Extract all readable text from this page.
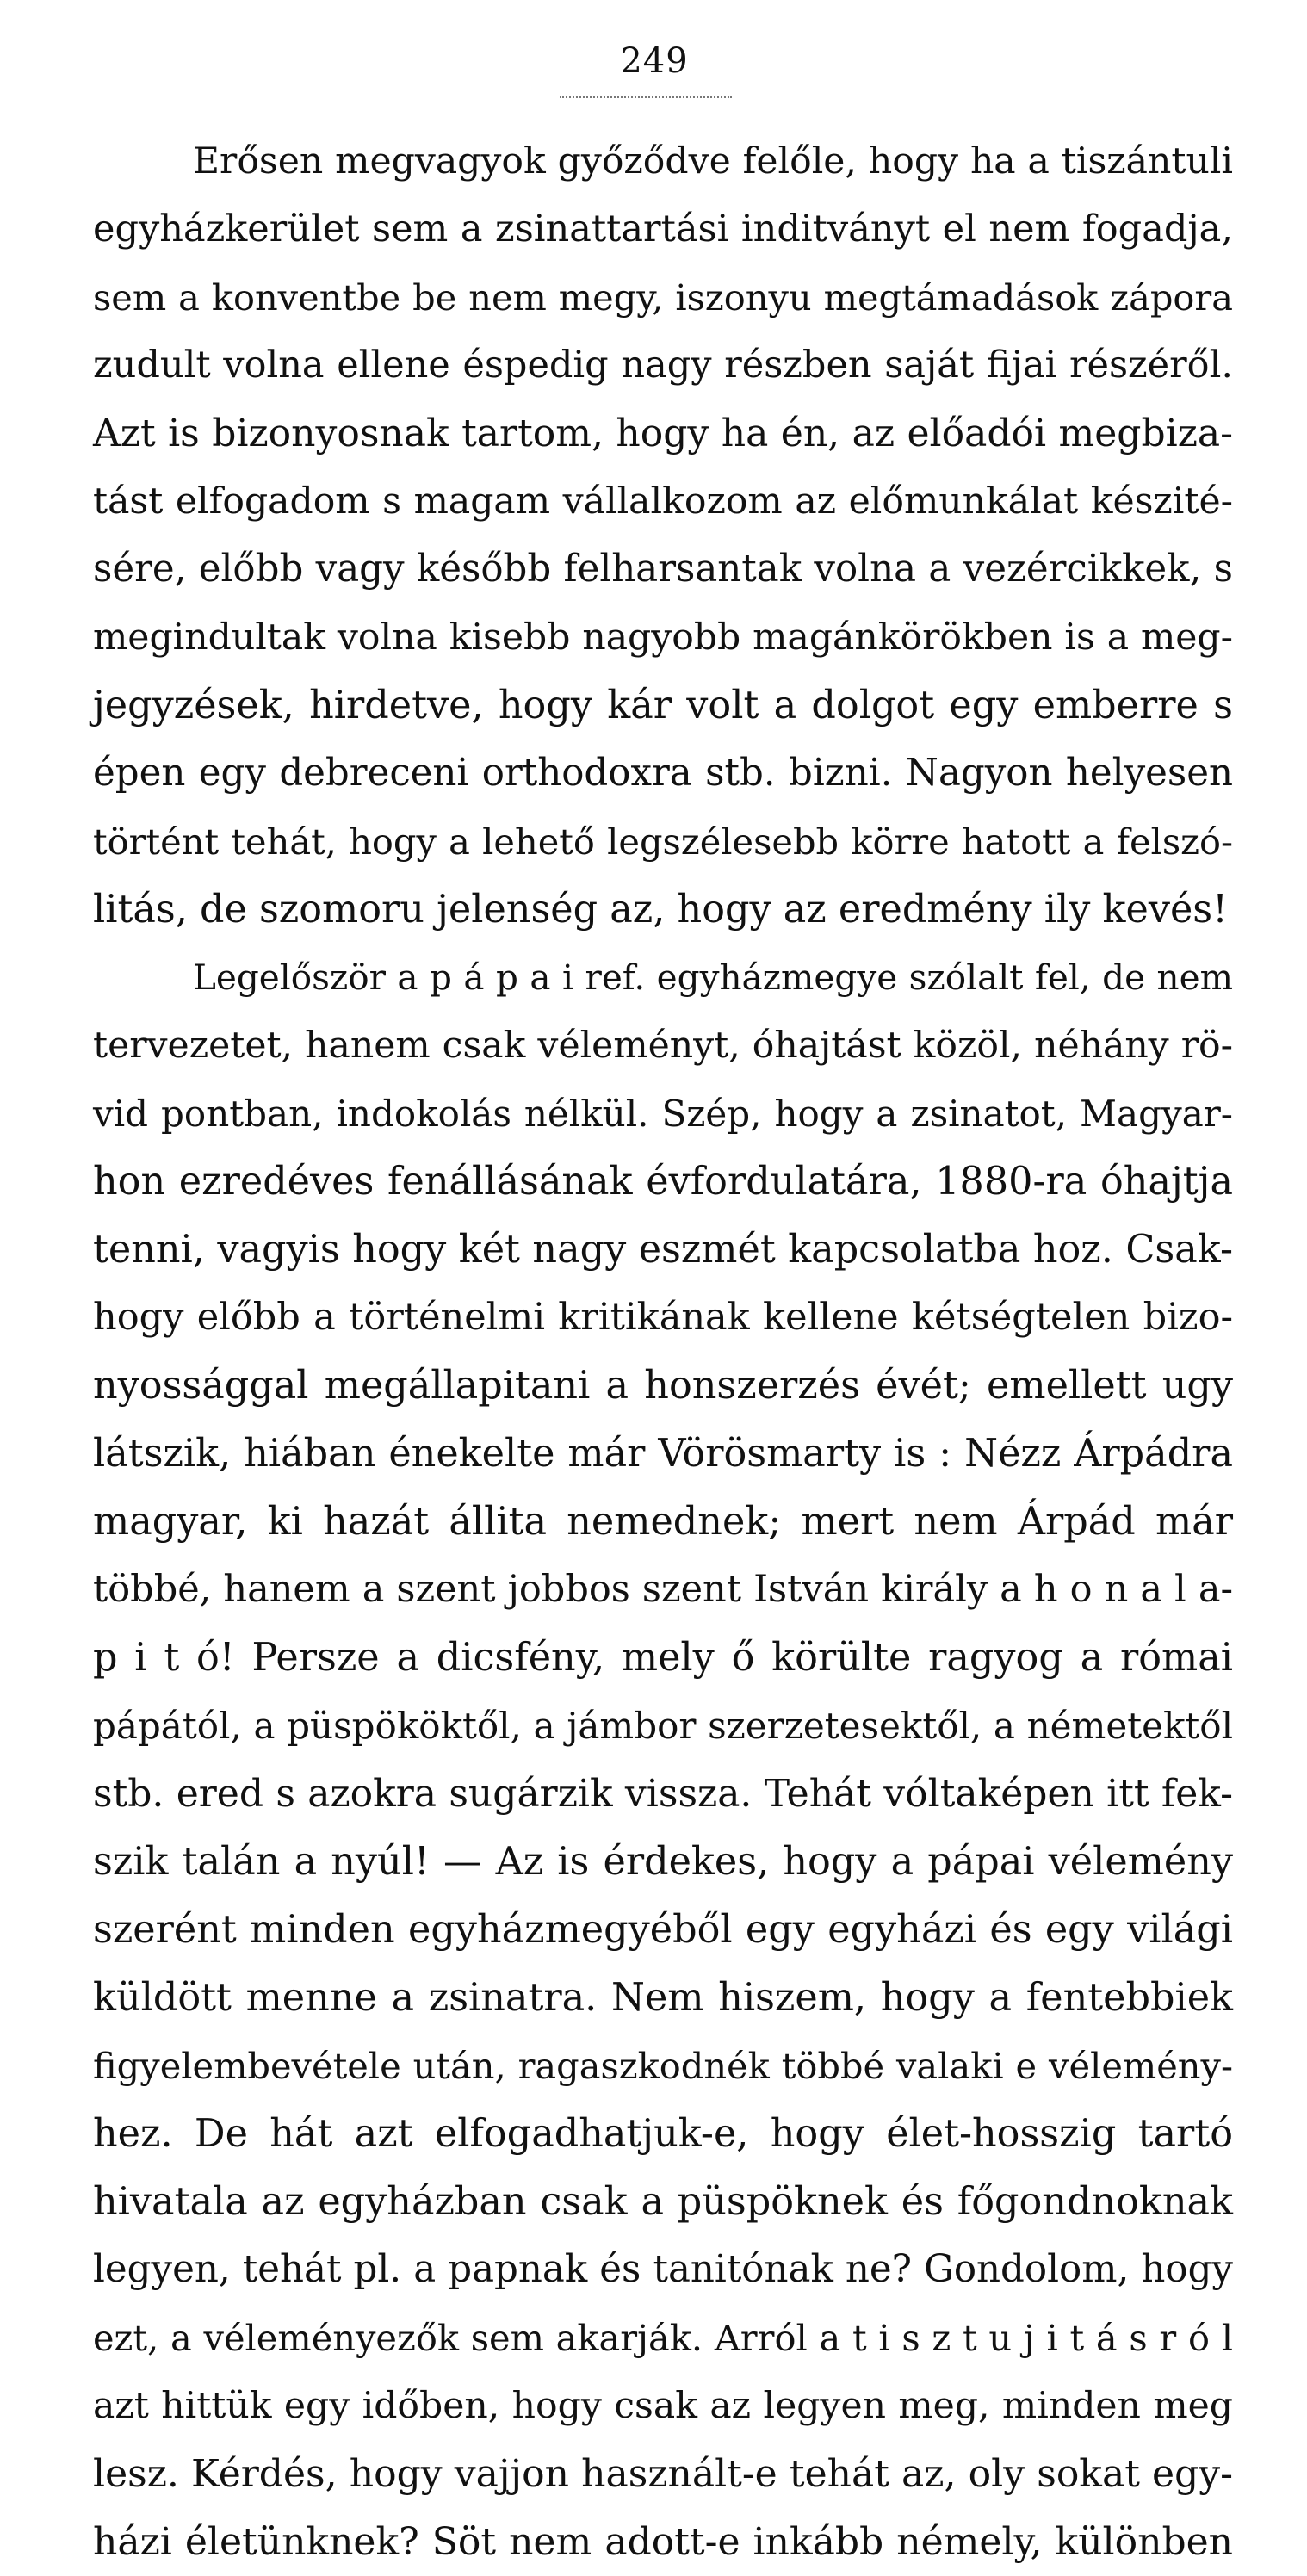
249
Erősen megvagyok győződve felőle, hogy ha a tiszántuli
egyházkerület sem a zsinattartási inditványt el nem fogadja,
sem a konventbe be nem megy, iszonyu megtámadások zápora
zudult volna ellene éspedig nagy részben saját fijai részéről.
Azt is bizonyosnak tartom, hogy ha én, az előadói megbiza-
tást elfogadom s magam vállalkozom az előmunkálat készité-
sére, előbb vagy később felharsantak volna a vezércikkek, s
megindultak volna kisebb nagyobb magánkörökben is a meg-
jegyzések, hirdetve, hogy kár volt a dolgot egy emberre s
épen egy debreceni orthodoxra stb. bizni. Nagyon helyesen
történt tehát, hogy a lehető legszélesebb körre hatott a felszó-
litás, de szomoru jelenség az, hogy az eredmény ily kevés!
Legelőször a p á p a i ref. egyházmegye szólalt fel, de nem
tervezetet, hanem csak véleményt, óhajtást közöl, néhány rö-
vid pontban, indokolás nélkül. Szép, hogy a zsinatot, Magyar-
hon ezredéves fenállásának évfordulatára, 1880-ra óhajtja
tenni, vagyis hogy két nagy eszmét kapcsolatba hoz. Csak-
hogy előbb a történelmi kritikának kellene kétségtelen bizo-
nyossággal megállapitani a honszerzés évét; emellett ugy
látszik, hiában énekelte már Vörösmarty is : Nézz Árpádra
magyar, ki hazát állita nemednek; mert nem Árpád már
többé, hanem a szent jobbos szent István király a h o n a l a-
p i t ó! Persze a dicsfény, mely ő körülte ragyog a római
pápától, a püspököktől, a jámbor szerzetesektől, a németektől
stb. ered s azokra sugárzik vissza. Tehát vóltaképen itt fek-
szik talán a nyúl! — Az is érdekes, hogy a pápai vélemény
szerént minden egyházmegyéből egy egyházi és egy világi
küldött menne a zsinatra. Nem hiszem, hogy a fentebbiek
figyelembevétele után, ragaszkodnék többé valaki e vélemény-
hez. De hát azt elfogadhatjuk-e, hogy élet-hosszig tartó
hivatala az egyházban csak a püspöknek és főgondnoknak
legyen, tehát pl. a papnak és tanitónak ne? Gondolom, hogy
ezt, a véleményezők sem akarják. Arról a t i s z t u j i t á s r ó l
azt hittük egy időben, hogy csak az legyen meg, minden meg
lesz. Kérdés, hogy vajjon használt-e tehát az, oly sokat egy-
házi életünknek? Söt nem adott-e inkább némely, különben
